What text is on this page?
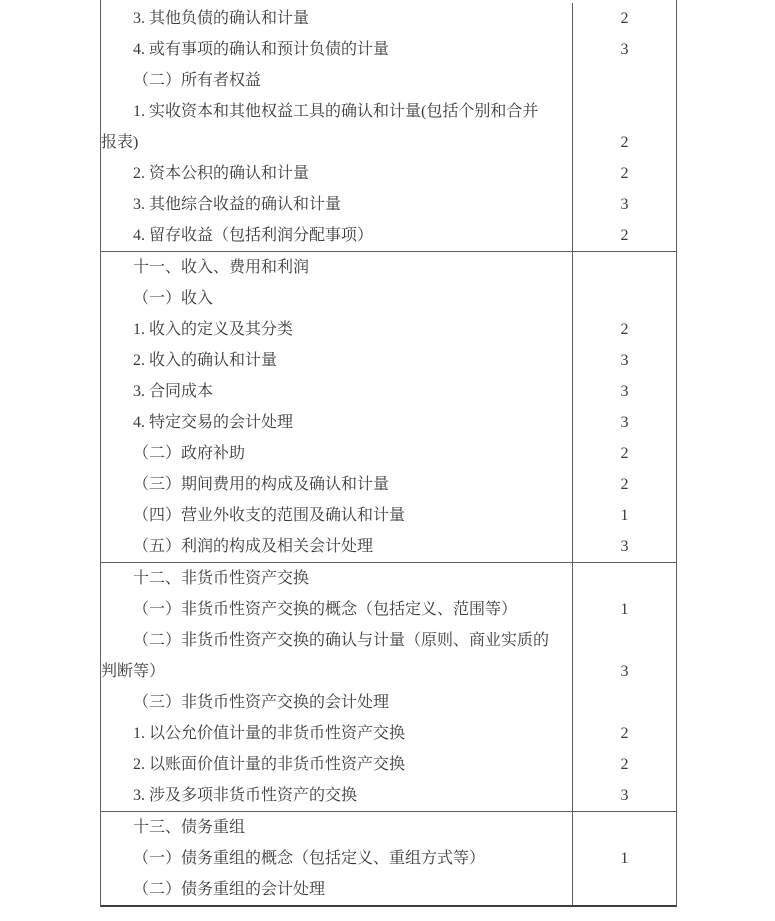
3. 其他负债的确认和计量	2
4. 或有事项的确认和预计负债的计量	3
（二）所有者权益
1. 实收资本和其他权益工具的确认和计量(包括个别和合并
报表)	2
2. 资本公积的确认和计量	2
3. 其他综合收益的确认和计量	3
4. 留存收益（包括利润分配事项）	2
十一、收入、费用和利润
（一）收入
1. 收入的定义及其分类	2
2. 收入的确认和计量	3
3. 合同成本	3
4. 特定交易的会计处理	3
（二）政府补助	2
（三）期间费用的构成及确认和计量	2
（四）营业外收支的范围及确认和计量	1
（五）利润的构成及相关会计处理	3
十二、非货币性资产交换
（一）非货币性资产交换的概念（包括定义、范围等）	1
（二）非货币性资产交换的确认与计量（原则、商业实质的
判断等）	3
（三）非货币性资产交换的会计处理
1. 以公允价值计量的非货币性资产交换	2
2. 以账面价值计量的非货币性资产交换	2
3. 涉及多项非货币性资产的交换	3
十三、债务重组
（一）债务重组的概念（包括定义、重组方式等）	1
（二）债务重组的会计处理
